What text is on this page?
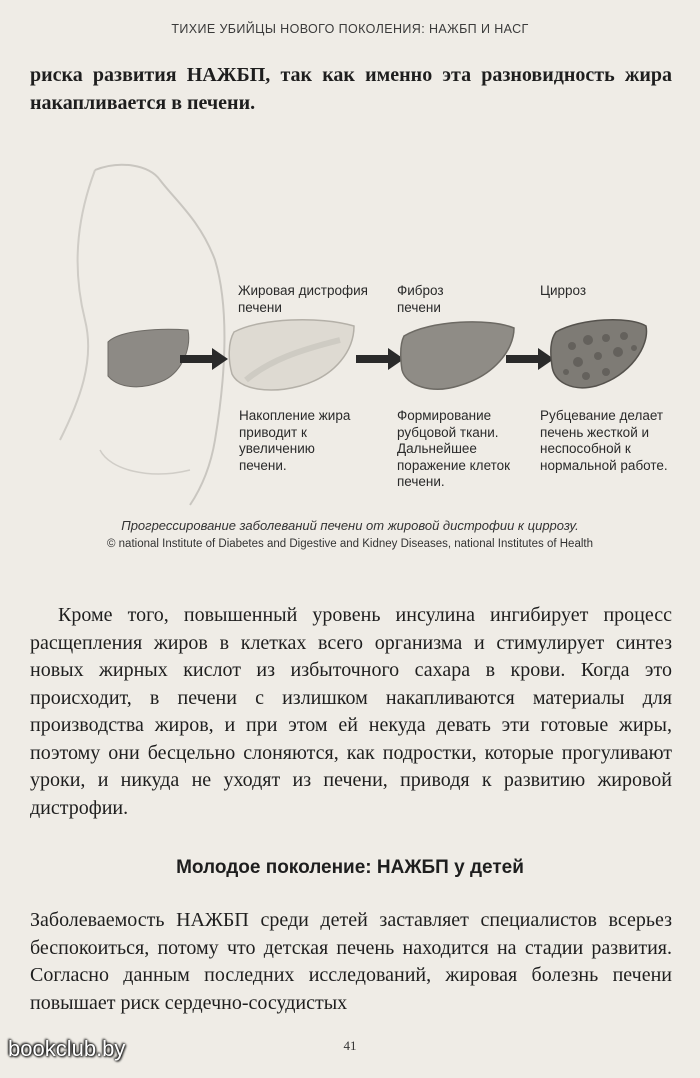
ТИХИЕ УБИЙЦЫ НОВОГО ПОКОЛЕНИЯ: НАЖБП И НАСГ

риска развития НАЖБП, так как именно эта разновидность жира накапливается в печени.

Жировая дистрофия печени
Фиброз печени
Цирроз
Накопление жира приводит к увеличению печени.
Формирование рубцовой ткани. Дальнейшее поражение клеток печени.
Рубцевание делает печень жесткой и неспособной к нормальной работе.
Прогрессирование заболеваний печени от жировой дистрофии к циррозу.
© national Institute of Diabetes and Digestive and Kidney Diseases, national Institutes of Health

Кроме того, повышенный уровень инсулина ингибирует процесс расщепления жиров в клетках всего организма и стимулирует синтез новых жирных кислот из избыточного сахара в крови. Когда это происходит, в печени с излишком накапливаются материалы для производства жиров, и при этом ей некуда девать эти готовые жиры, поэтому они бесцельно слоняются, как подростки, которые прогуливают уроки, и никуда не уходят из печени, приводя к развитию жировой дистрофии.

Молодое поколение: НАЖБП у детей

Заболеваемость НАЖБП среди детей заставляет специалистов всерьез беспокоиться, потому что детская печень находится на стадии развития. Согласно данным последних исследований, жировая болезнь печени повышает риск сердечно-сосудистых

41
bookclub.by
